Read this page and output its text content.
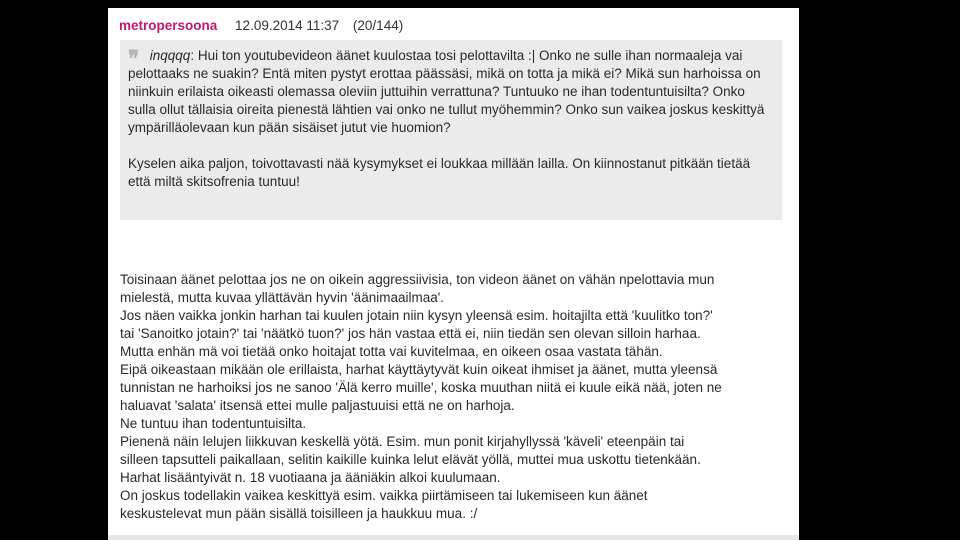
metropersoona 12.09.2014 11:37 (20/144)
❜❜ inqqqq: Hui ton youtubevideon äänet kuulostaa tosi pelottavilta :| Onko ne sulle ihan normaaleja vai pelottaaks ne suakin? Entä miten pystyt erottaa päässäsi, mikä on totta ja mikä ei? Mikä sun harhoissa on niinkuin erilaista oikeasti olemassa oleviin juttuihin verrattuna? Tuntuuko ne ihan todentuntuisilta? Onko sulla ollut tällaisia oireita pienestä lähtien vai onko ne tullut myöhemmin? Onko sun vaikea joskus keskittyä ympärilläolevaan kun pään sisäiset jutut vie huomion?
Kyselen aika paljon, toivottavasti nää kysymykset ei loukkaa millään lailla. On kiinnostanut pitkään tietää että miltä skitsofrenia tuntuu!
Toisinaan äänet pelottaa jos ne on oikein aggressiivisia, ton videon äänet on vähän npelottavia mun
mielestä, mutta kuvaa yllättävän hyvin 'äänimaailmaa'.
Jos näen vaikka jonkin harhan tai kuulen jotain niin kysyn yleensä esim. hoitajilta että 'kuulitko ton?'
tai 'Sanoitko jotain?' tai 'näätkö tuon?' jos hän vastaa että ei, niin tiedän sen olevan silloin harhaa.
Mutta enhän mä voi tietää onko hoitajat totta vai kuvitelmaa, en oikeen osaa vastata tähän.
Eipä oikeastaan mikään ole erillaista, harhat käyttäytyvät kuin oikeat ihmiset ja äänet, mutta yleensä
tunnistan ne harhoiksi jos ne sanoo 'Älä kerro muille', koska muuthan niitä ei kuule eikä nää, joten ne
haluavat 'salata' itsensä ettei mulle paljastuuisi että ne on harhoja.
Ne tuntuu ihan todentuntuisilta.
Pienenä näin lelujen liikkuvan keskellä yötä. Esim. mun ponit kirjahyllyssä 'käveli' eteenpäin tai
silleen tapsutteli paikallaan, selitin kaikille kuinka lelut elävät yöllä, muttei mua uskottu tietenkään.
Harhat lisääntyivät n. 18 vuotiaana ja ääniäkin alkoi kuulumaan.
On joskus todellakin vaikea keskittyä esim. vaikka piirtämiseen tai lukemiseen kun äänet
keskustelevat mun pään sisällä toisilleen ja haukkuu mua. :/
